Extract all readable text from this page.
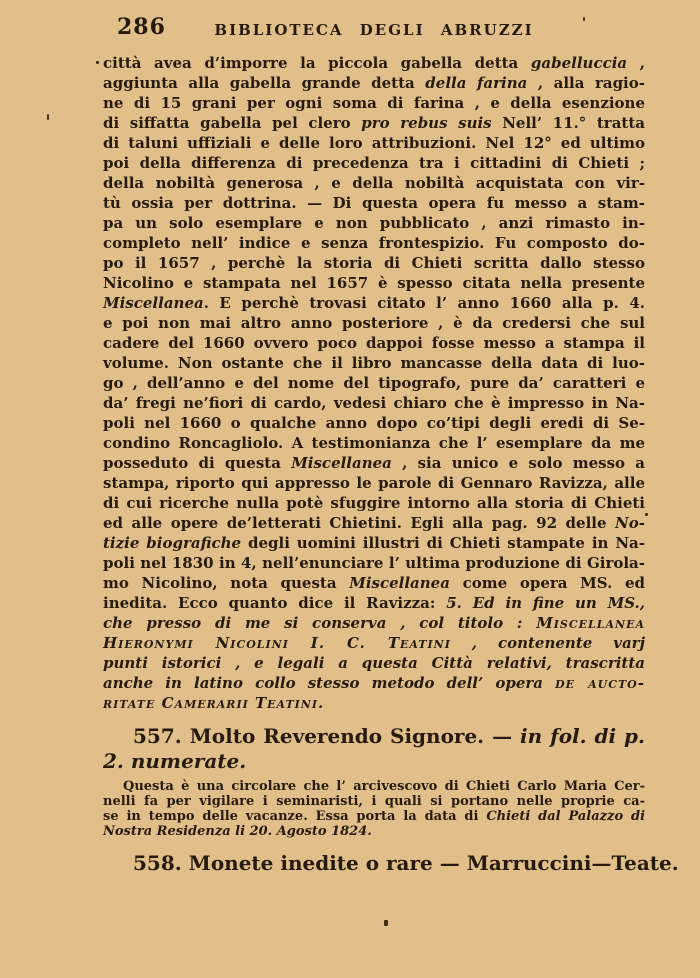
286	BIBLIOTECA DEGLI ABRUZZI
città avea d’imporre la piccola gabella detta gabelluccia ,
aggiunta alla gabella grande detta della farina , alla ragio-
ne di 15 grani per ogni soma di farina , e della esenzione
di siffatta gabella pel clero pro rebus suis Nell’ 11.° tratta
di taluni uffiziali e delle loro attribuzioni. Nel 12° ed ultimo
poi della differenza di precedenza tra i cittadini di Chieti ;
della nobiltà generosa , e della nobiltà acquistata con vir-
tù ossia per dottrina. — Di questa opera fu messo a stam-
pa un solo esemplare e non pubblicato , anzi rimasto in-
completo nell’ indice e senza frontespizio. Fu composto do-
po il 1657 , perchè la storia di Chieti scritta dallo stesso
Nicolino e stampata nel 1657 è spesso citata nella presente
Miscellanea. E perchè trovasi citato l’ anno 1660 alla p. 4.
e poi non mai altro anno posteriore , è da credersi che sul
cadere del 1660 ovvero poco dappoi fosse messo a stampa il
volume. Non ostante che il libro mancasse della data di luo-
go , dell’anno e del nome del tipografo, pure da’ caratteri e
da’ fregi ne’fiori di cardo, vedesi chiaro che è impresso in Na-
poli nel 1660 o qualche anno dopo co’tipi degli eredi di Se-
condino Roncagliolo. A testimonianza che l’ esemplare da me
posseduto di questa Miscellanea , sia unico e solo messo a
stampa, riporto qui appresso le parole di Gennaro Ravizza, alle
di cui ricerche nulla potè sfuggire intorno alla storia di Chieti
ed alle opere de’letterati Chietini. Egli alla pag. 92 delle No-
tizie biografiche degli uomini illustri di Chieti stampate in Na-
poli nel 1830 in 4, nell’enunciare l’ ultima produzione di Girola-
mo Nicolino, nota questa Miscellanea come opera MS. ed
inedita. Ecco quanto dice il Ravizza: 5. Ed in fine un MS.,
che presso di me si conserva , col titolo : Miscellanea
Hieronymi Nicolini I. C. Teatini , contenente varj
punti istorici , e legali a questa Città relativi, trascritta
anche in latino collo stesso metodo dell’ opera de aucto-
ritate Camerarii Teatini.
557. Molto Reverendo Signore. — in fol. di p.
2. numerate.
Questa è una circolare che l’ arcivescovo di Chieti Carlo Maria Cer-
nelli fa per vigilare i seminaristi, i quali si portano nelle proprie ca-
se in tempo delle vacanze. Essa porta la data di Chieti dal Palazzo di
Nostra Residenza li 20. Agosto 1824.
558. Monete inedite o rare — Marruccini—Teate.
